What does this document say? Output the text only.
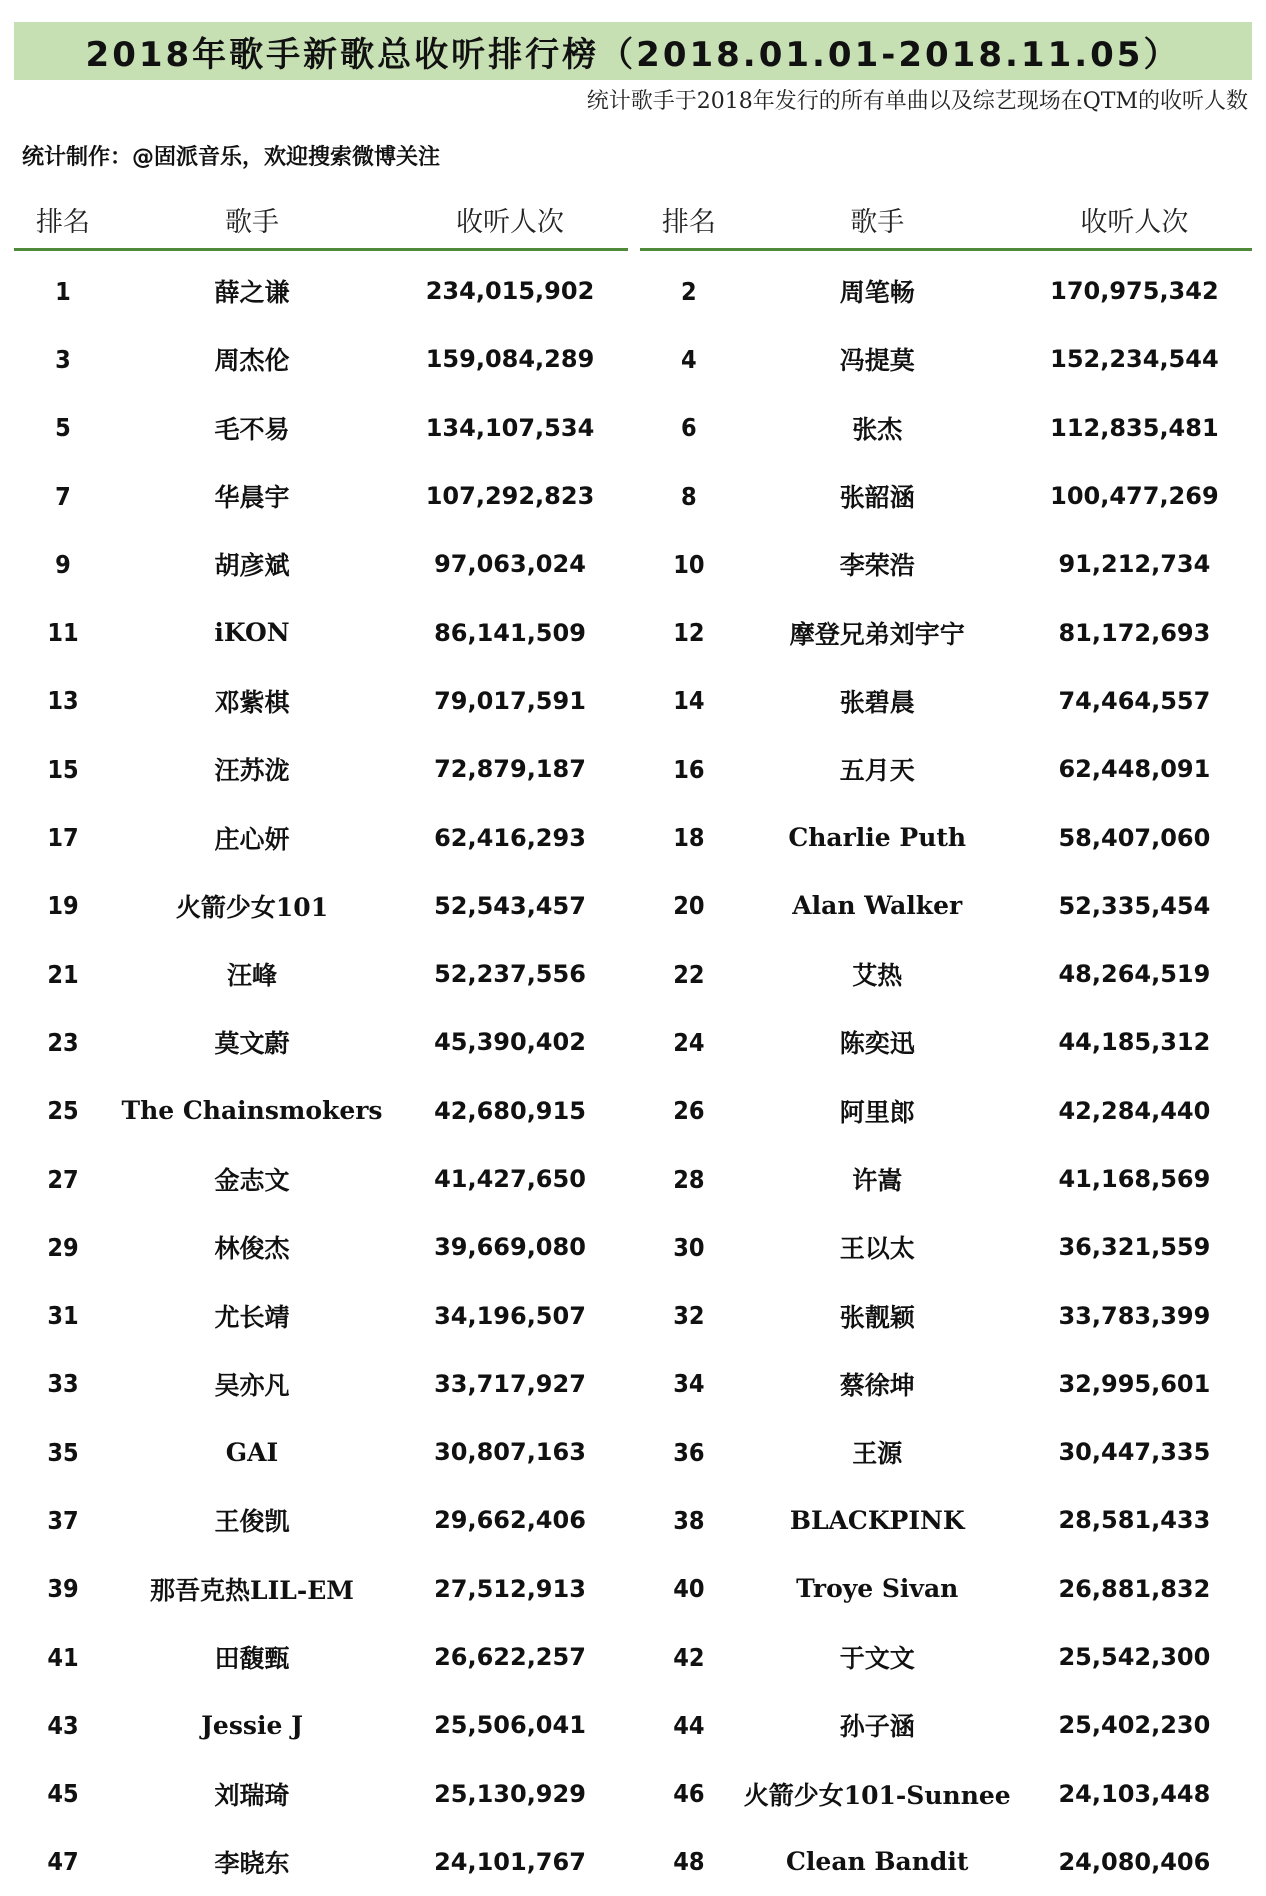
2018年歌手新歌总收听排行榜（2018.01.01-2018.11.05）
统计歌手于2018年发行的所有单曲以及综艺现场在QTM的收听人数
统计制作：@固派音乐，欢迎搜索微博关注
排名	歌手	收听人次
1	薛之谦	234,015,902
3	周杰伦	159,084,289
5	毛不易	134,107,534
7	华晨宇	107,292,823
9	胡彦斌	97,063,024
11	iKON	86,141,509
13	邓紫棋	79,017,591
15	汪苏泷	72,879,187
17	庄心妍	62,416,293
19	火箭少女101	52,543,457
21	汪峰	52,237,556
23	莫文蔚	45,390,402
25	The Chainsmokers	42,680,915
27	金志文	41,427,650
29	林俊杰	39,669,080
31	尤长靖	34,196,507
33	吴亦凡	33,717,927
35	GAI	30,807,163
37	王俊凯	29,662,406
39	那吾克热LIL-EM	27,512,913
41	田馥甄	26,622,257
43	Jessie J	25,506,041
45	刘瑞琦	25,130,929
47	李晓东	24,101,767
排名	歌手	收听人次
2	周笔畅	170,975,342
4	冯提莫	152,234,544
6	张杰	112,835,481
8	张韶涵	100,477,269
10	李荣浩	91,212,734
12	摩登兄弟刘宇宁	81,172,693
14	张碧晨	74,464,557
16	五月天	62,448,091
18	Charlie Puth	58,407,060
20	Alan Walker	52,335,454
22	艾热	48,264,519
24	陈奕迅	44,185,312
26	阿里郎	42,284,440
28	许嵩	41,168,569
30	王以太	36,321,559
32	张靓颖	33,783,399
34	蔡徐坤	32,995,601
36	王源	30,447,335
38	BLACKPINK	28,581,433
40	Troye Sivan	26,881,832
42	于文文	25,542,300
44	孙子涵	25,402,230
46	火箭少女101-Sunnee	24,103,448
48	Clean Bandit	24,080,406
